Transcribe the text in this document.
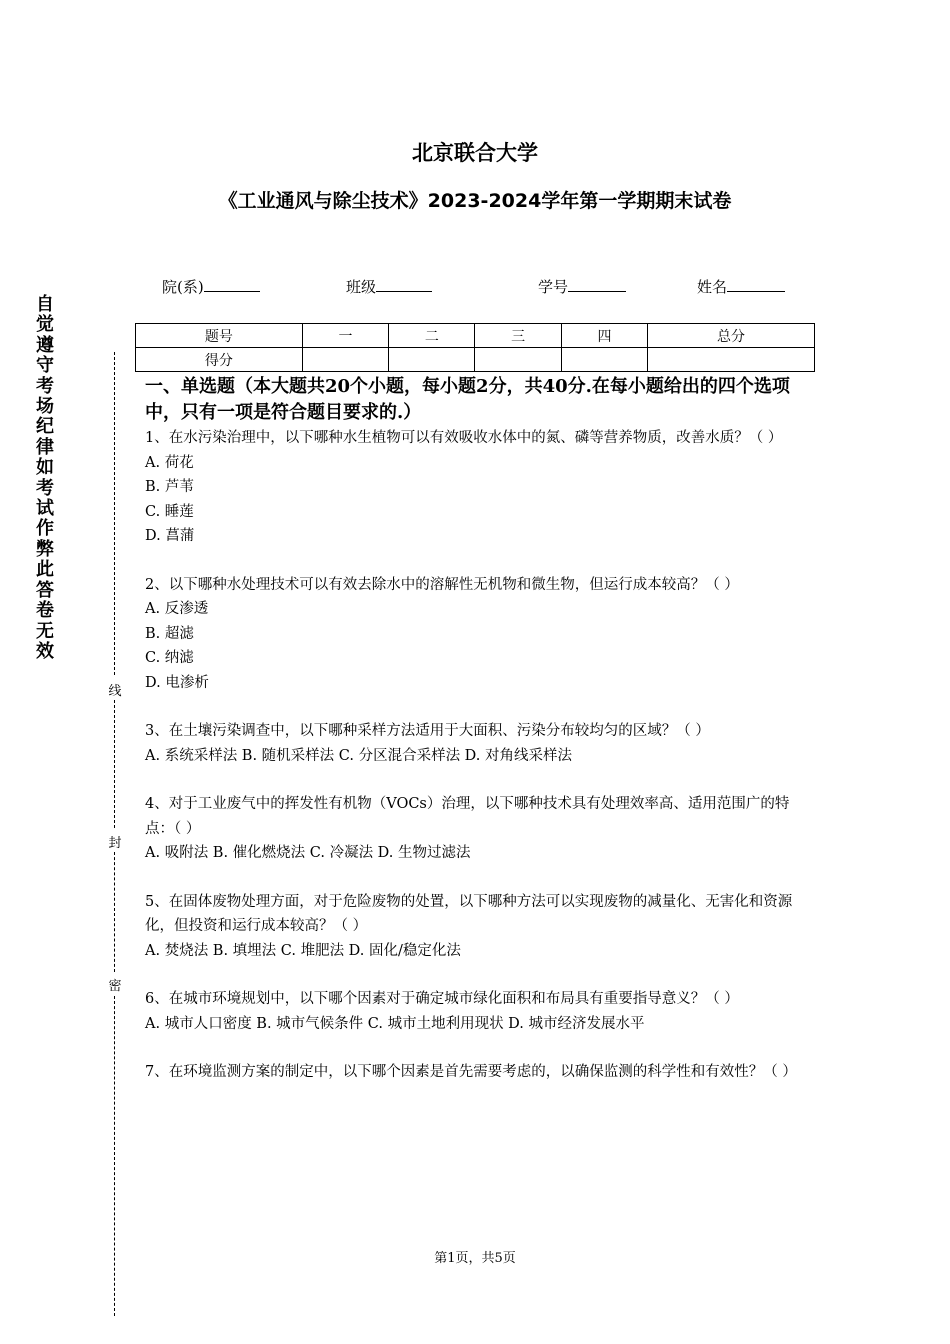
北京联合大学
《工业通风与除尘技术》2023-2024学年第一学期期末试卷
院(系)	班级	学号	姓名
题号	一	二	三	四	总分
得分					
自觉遵守考场纪律如考试作弊此答卷无效
线
封
密
一、单选题（本大题共20个小题，每小题2分，共40分.在每小题给出的四个选项中，只有一项是符合题目要求的.）

1、在水污染治理中，以下哪种水生植物可以有效吸收水体中的氮、磷等营养物质，改善水质？（ ）

A. 荷花

B. 芦苇

C. 睡莲

D. 菖蒲

2、以下哪种水处理技术可以有效去除水中的溶解性无机物和微生物，但运行成本较高？（ ）

A. 反渗透

B. 超滤

C. 纳滤

D. 电渗析

3、在土壤污染调查中，以下哪种采样方法适用于大面积、污染分布较均匀的区域？（ ）

A. 系统采样法 B. 随机采样法 C. 分区混合采样法 D. 对角线采样法

4、对于工业废气中的挥发性有机物（VOCs）治理，以下哪种技术具有处理效率高、适用范围广的特点：（ ）

A. 吸附法 B. 催化燃烧法 C. 冷凝法 D. 生物过滤法

5、在固体废物处理方面，对于危险废物的处置，以下哪种方法可以实现废物的减量化、无害化和资源化，但投资和运行成本较高？（ ）

A. 焚烧法 B. 填埋法 C. 堆肥法 D. 固化/稳定化法

6、在城市环境规划中，以下哪个因素对于确定城市绿化面积和布局具有重要指导意义？（ ）

A. 城市人口密度 B. 城市气候条件 C. 城市土地利用现状 D. 城市经济发展水平

7、在环境监测方案的制定中，以下哪个因素是首先需要考虑的，以确保监测的科学性和有效性？（ ）

第1页，共5页
